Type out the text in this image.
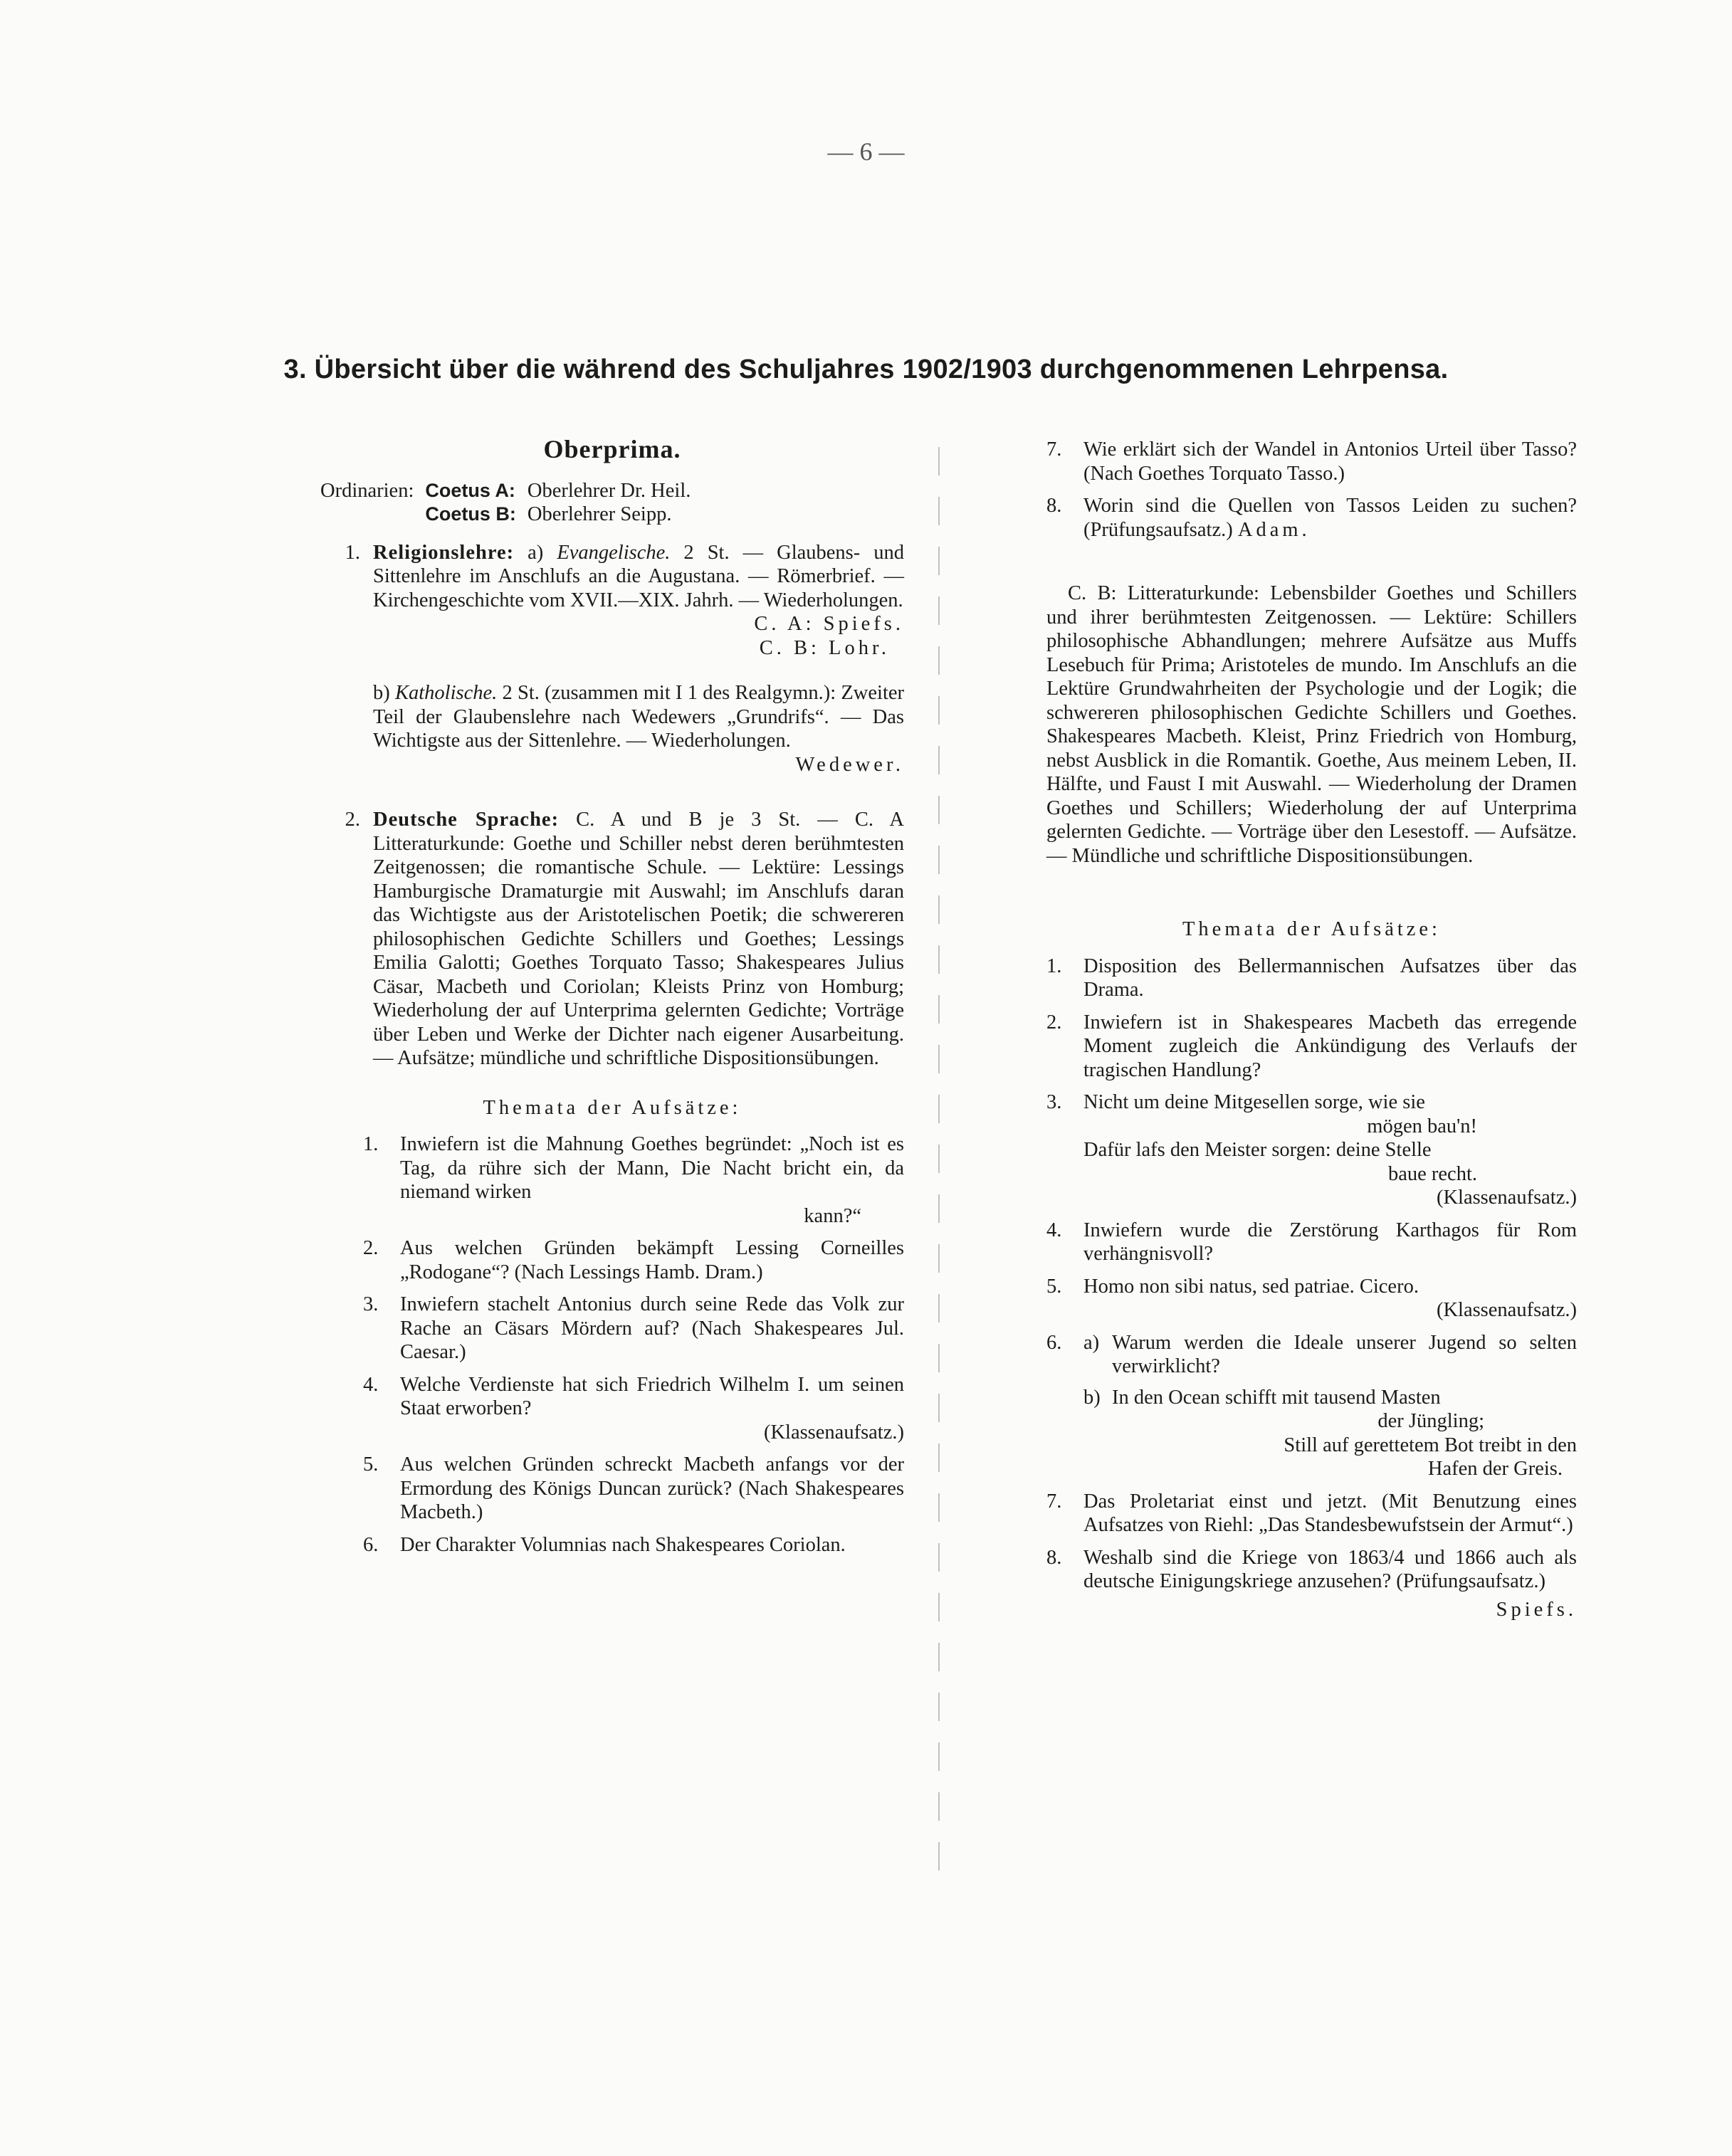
— 6 —
3. Übersicht über die während des Schuljahres 1902/1903 durchgenommenen Lehrpensa.
Oberprima.
Ordinarien: Coetus A: Oberlehrer Dr. Heil.
Coetus B: Oberlehrer Seipp.
1. Religionslehre: a) Evangelische. 2 St. — Glaubens- und Sittenlehre im Anschlufs an die Augustana. — Römerbrief. — Kirchengeschichte vom XVII.—XIX. Jahrh. — Wiederholungen.
C. A: Spiefs.
C. B: Lohr.
b) Katholische. 2 St. (zusammen mit I 1 des Realgymn.): Zweiter Teil der Glaubenslehre nach Wedewers „Grundrifs“. — Das Wichtigste aus der Sittenlehre. — Wiederholungen.
Wedewer.
2. Deutsche Sprache: C. A und B je 3 St. — C. A Litteraturkunde: Goethe und Schiller nebst deren berühmtesten Zeitgenossen; die romantische Schule. — Lektüre: Lessings Hamburgische Dramaturgie mit Auswahl; im Anschlufs daran das Wichtigste aus der Aristotelischen Poetik; die schwereren philosophischen Gedichte Schillers und Goethes; Lessings Emilia Galotti; Goethes Torquato Tasso; Shakespeares Julius Cäsar, Macbeth und Coriolan; Kleists Prinz von Homburg; Wiederholung der auf Unterprima gelernten Gedichte; Vorträge über Leben und Werke der Dichter nach eigener Ausarbeitung. — Aufsätze; mündliche und schriftliche Dispositionsübungen.
Themata der Aufsätze:
1.	Inwiefern ist die Mahnung Goethes begründet: „Noch ist es Tag, da rühre sich der Mann, Die Nacht bricht ein, da niemand wirken
kann?“
2.	Aus welchen Gründen bekämpft Lessing Corneilles „Rodogane“? (Nach Lessings Hamb. Dram.)
3.	Inwiefern stachelt Antonius durch seine Rede das Volk zur Rache an Cäsars Mördern auf? (Nach Shakespeares Jul. Caesar.)
4.	Welche Verdienste hat sich Friedrich Wilhelm I. um seinen Staat erworben?
(Klassenaufsatz.)
5.	Aus welchen Gründen schreckt Macbeth anfangs vor der Ermordung des Königs Duncan zurück? (Nach Shakespeares Macbeth.)
6.	Der Charakter Volumnias nach Shakespeares Coriolan.
7.	Wie erklärt sich der Wandel in Antonios Urteil über Tasso? (Nach Goethes Torquato Tasso.)
8.	Worin sind die Quellen von Tassos Leiden zu suchen? (Prüfungsaufsatz.) Adam.
C. B: Litteraturkunde: Lebensbilder Goethes und Schillers und ihrer berühmtesten Zeitgenossen. — Lektüre: Schillers philosophische Abhandlungen; mehrere Aufsätze aus Muffs Lesebuch für Prima; Aristoteles de mundo. Im Anschlufs an die Lektüre Grundwahrheiten der Psychologie und der Logik; die schwereren philosophischen Gedichte Schillers und Goethes. Shakespeares Macbeth. Kleist, Prinz Friedrich von Homburg, nebst Ausblick in die Romantik. Goethe, Aus meinem Leben, II. Hälfte, und Faust I mit Auswahl. — Wiederholung der Dramen Goethes und Schillers; Wiederholung der auf Unterprima gelernten Gedichte. — Vorträge über den Lesestoff. — Aufsätze. — Mündliche und schriftliche Dispositionsübungen.
Themata der Aufsätze:
1.	Disposition des Bellermannischen Aufsatzes über das Drama.
2.	Inwiefern ist in Shakespeares Macbeth das erregende Moment zugleich die Ankündigung des Verlaufs der tragischen Handlung?
3.	Nicht um deine Mitgesellen sorge, wie sie
mögen bau'n!
Dafür lafs den Meister sorgen: deine Stelle
baue recht.
(Klassenaufsatz.)
4.	Inwiefern wurde die Zerstörung Karthagos für Rom verhängnisvoll?
5.	Homo non sibi natus, sed patriae. Cicero.
(Klassenaufsatz.)
6.	a) Warum werden die Ideale unserer Jugend so selten verwirklicht?
b) In den Ocean schifft mit tausend Masten
der Jüngling;
Still auf gerettetem Bot treibt in den
Hafen der Greis.
7.	Das Proletariat einst und jetzt. (Mit Benutzung eines Aufsatzes von Riehl: „Das Standesbewufstsein der Armut“.)
8.	Weshalb sind die Kriege von 1863/4 und 1866 auch als deutsche Einigungskriege anzusehen? (Prüfungsaufsatz.)
Spiefs.
